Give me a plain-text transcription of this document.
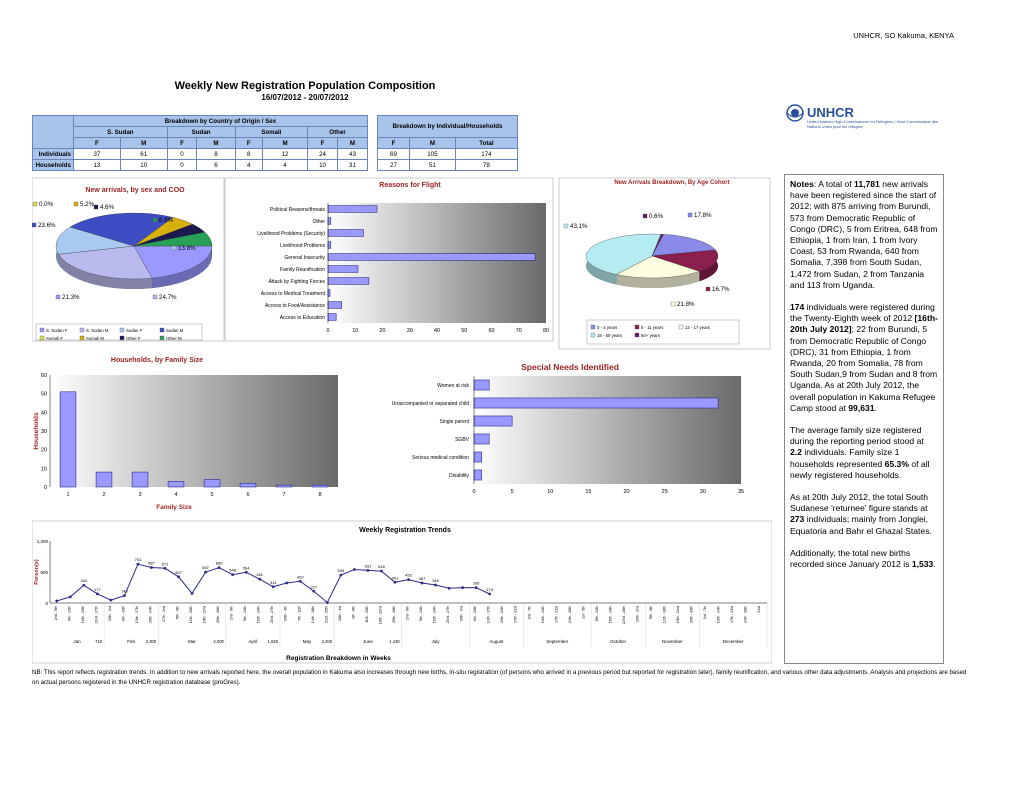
UNHCR, SO Kakuma, KENYA
Weekly New Registration Population Composition
16/07/2012 - 20/07/2012
UNHCR
United Nations High Commissioner for Refugees / Haut Commissariat des Nations Unies pour les réfugiés
	Breakdown by Country of Origin / Sex							
	S. Sudan		Sudan		Somali		Other	
	F	M	F	M	F	M	F	M
Individuals	37	61	0	8	8	12	24	43
Households	13	10	0	6	4	4	10	31
Breakdown by Individual/Households		
F	M	Total
69	105	174
27	51	78
New arrivals, by sex and COO
Reasons for Flight	New Arrivals Breakdown, By Age Cohort
Households, by Family Size
Special Needs Identified
Weekly Registration Trends
21.3%	24.7%
13.8%
23.6%
0.0%	5.2% 4.6%
6.9%
S. Sudan F	S. Sudan M	Sudan F	Sudan M
Somali F	Somali M	Other F	Other M
Political Reasons/threats
Other
Livelihood Problems (Security)
Livelihood Problems
General Insecurity
Family Reunification
Attack by Fighting Forces
Access to Medical Treatment
Access to Food/Assistance
Access to Education
0	10	20	30	40	50	60	70	80
17.8%
16.7%
21.8%
43.1%
0.6%
0 - 4 years	5 - 11 years	12 - 17 years
18 - 59 years	60+ years
0
10
20
30
40
50
60
1	2	3	4	5	6	7	8
Family Size
Households
Women at risk
Unaccompanied or separated child
Single parent
SGBV
Serious medical condition
Disability
0	5	10	15	20	25	30	35
0
600
1,200
344
177	143
751
687 672
507
597
685
548 594
461
314
420
227
539
631 618
401
453
387 349
296
174
2nd - 6th	9th - 13th	16th - 20th	23rd - 27th	30th - 3rd	6th - 10th	13th - 17th	20th - 24th	27th - 2nd	5th - 9th	12th - 16th	19th - 23rd	26th - 30th	2nd - 6th	9th - 13th	16th - 20th	23rd - 27th	30th - 4th	7th - 11th	14th - 18th	21st - 25th	28th - 1st	4th - 8th	11th - 15th	18th - 22nd	25th - 29th	2nd - 6th	9th - 13th	16th - 20th	23rd - 27th	30th - 3rd	6th - 10th	13th - 17th	20th - 24th	27th - 31st	3rd - 7th	10th - 14th	17th - 21st	24th - 28th	1st - 5th	8th - 12th	15th - 19th	22nd - 26th	29th - 2nd	5th - 9th	12th - 16th	19th - 23rd	26th - 30th	3rd - 7th	10th - 14th	17th - 21st	24th - 28th	31st
Jan	719	Feb	2,300	Mar	2,000	April 1,025	May 2,200	June	1,430	July	August	September	October	November	December
Registration Breakdown in Weeks
Person(s)

Notes: A total of 11,781 new arrivals have been registered since the start of 2012; with 875 arriving from Burundi, 573 from Democratic Republic of Congo (DRC), 5 from Eritrea, 648 from Ethiopia, 1 from Iran, 1 from Ivory Coast, 53 from Rwanda, 640 from Somalia, 7,398 from South Sudan, 1,472 from Sudan, 2 from Tanzania and 113 from Uganda.

174 individuals were registered during the Twenty-Eighth week of 2012 [16th-20th July 2012]; 22 from Burundi, 5 from Democratic Republic of Congo (DRC), 31 from Ethiopia, 1 from Rwanda, 20 from Somalia, 78 from South Sudan,9 from Sudan and 8 from Uganda. As at 20th July 2012, the overall population in Kakuma Refugee Camp stood at 99,631.

The average family size registered during the reporting period stood at 2.2 individuals. Family size 1 households represented 65.3% of all newly registered households.

As at 20th July 2012, the total South Sudanese 'returnee' figure stands at 273 individuals; mainly from Jonglei, Equatoria and Bahr el Ghazal States.

Additionally, the total new births recorded since January 2012 is 1,533.

NB: This report reflects registration trends. In addition to new arrivals reported here, the overall population in Kakuma also increases through new births, in-situ registration (of persons who arrived in a previous period but reported for registration later), family reunification, and various other data adjustments. Analysis and projections are based on actual persons registered in the UNHCR registration database (proGres).
